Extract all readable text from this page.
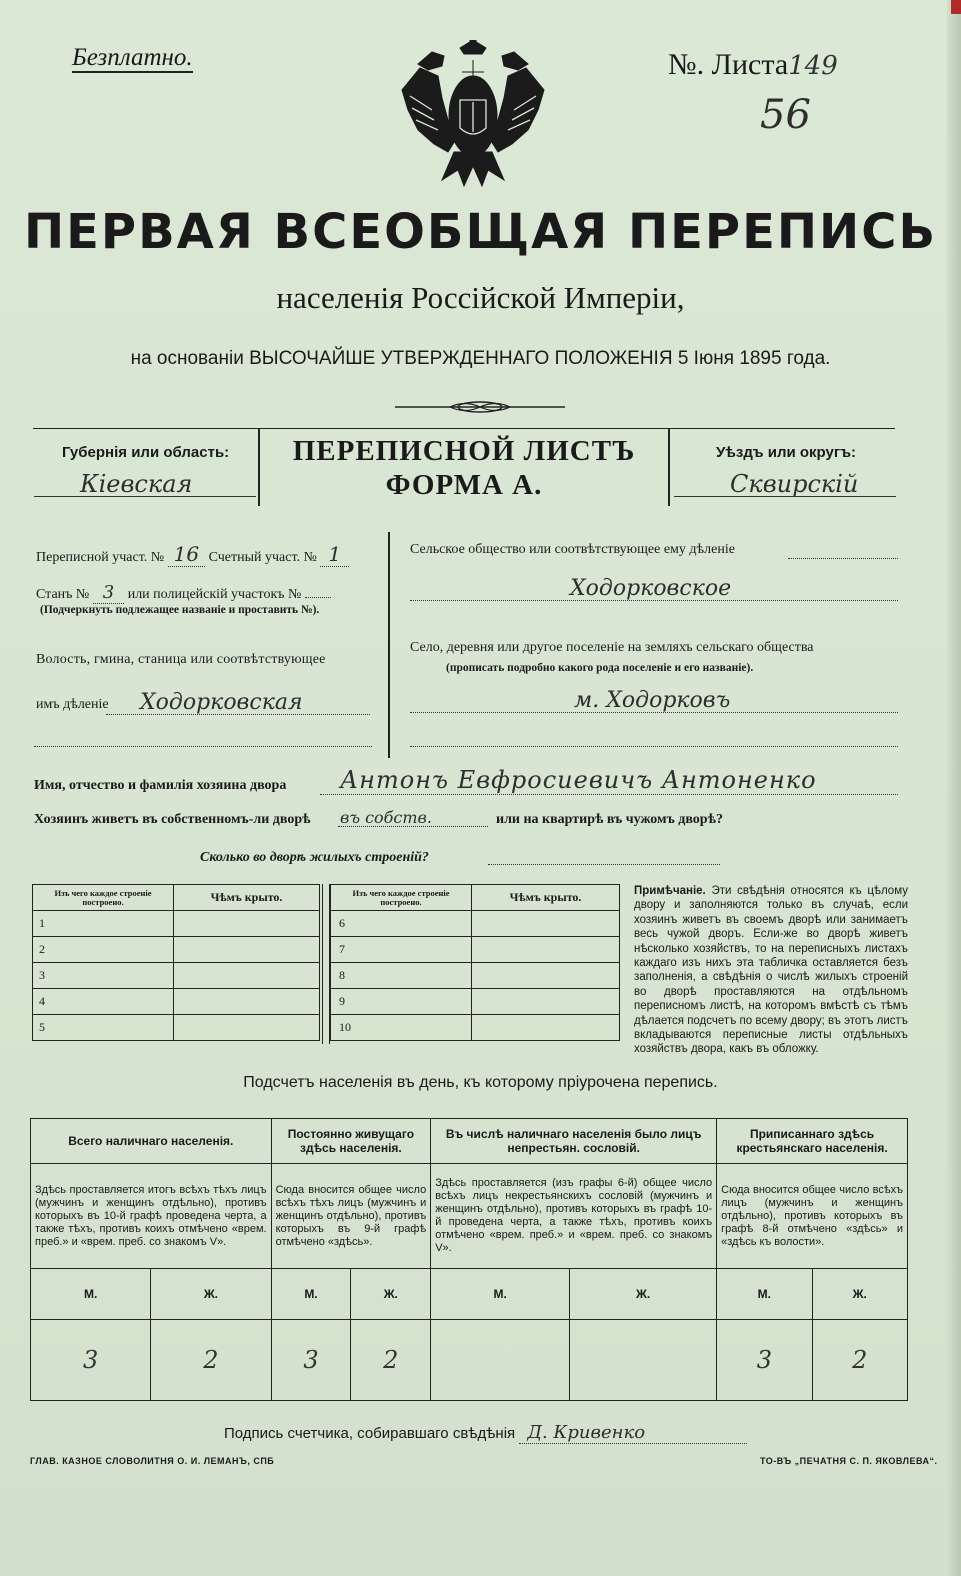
Безплатно.	№. Листа149
56
ПЕРВАЯ ВСЕОБЩАЯ ПЕРЕПИСЬ
населенія Россійской Имперіи,
на основаніи ВЫСОЧАЙШЕ УТВЕРЖДЕННАГО ПОЛОЖЕНІЯ 5 Іюня 1895 года.
Губернія или область:
Кіевская
ПЕРЕПИСНОЙ ЛИСТЪ
ФОРМА А.
Уѣздъ или округъ:
Сквирскій
Переписной участ. № 16 Счетный участ. № 1
Станъ № 3 или полицейскій участокъ №
(Подчеркнуть подлежащее названіе и проставить №).
Волость, гмина, станица или соотвѣтствующее
имъ дѣленіе Ходорковская
Сельское общество или соотвѣтствующее ему дѣленіе
Ходорковское
Село, деревня или другое поселеніе на земляхъ сельскаго общества
(прописать подробно какого рода поселеніе и его названіе).
м. Ходорковъ
Имя, отчество и фамилія хозяина двора Антонъ Евфросиевичъ Антоненко
Хозяинъ живетъ въ собственномъ-ли дворѣ въ собств.	или на квартирѣ въ чужомъ дворѣ?
Сколько во дворѣ жилыхъ строеній?
Изъ чего каждое строеніе построено.	Чѣмъ крыто.
1	
2	
3	
4	
5	
Изъ чего каждое строеніе построено.	Чѣмъ крыто.
6	
7	
8	
9	
10	
Примѣчаніе. Эти свѣдѣнія относятся къ цѣлому двору и заполняются только въ случаѣ, если хозяинъ живетъ въ своемъ дворѣ или занимаетъ весь чужой дворъ. Если-же во дворѣ живетъ нѣсколько хозяйствъ, то на переписныхъ листахъ каждаго изъ нихъ эта табличка оставляется безъ заполненія, а свѣдѣнія о числѣ жилыхъ строеній во дворѣ проставляются на отдѣльномъ переписномъ листѣ, на которомъ вмѣстѣ съ тѣмъ дѣлается подсчетъ по всему двору; въ этотъ листъ вкладываются переписные листы отдѣльныхъ хозяйствъ двора, какъ въ обложку.
Подсчетъ населенія въ день, къ которому пріурочена перепись.
Всего наличнаго населенія.		Постоянно живущаго здѣсь населенія.		Въ числѣ наличнаго населенія было лицъ непрестьян. сословій.		Приписаннаго здѣсь крестьянскаго населенія.	
Здѣсь проставляется итогъ всѣхъ тѣхъ лицъ (мужчинъ и женщинъ отдѣльно), противъ которыхъ въ 10-й графѣ проведена черта, а также тѣхъ, противъ коихъ отмѣчено «врем. преб.» и «врем. преб. со знакомъ V».		Сюда вносится общее число всѣхъ тѣхъ лицъ (мужчинъ и женщинъ отдѣльно), противъ которыхъ въ 9-й графѣ отмѣчено «здѣсь».		Здѣсь проставляется (изъ графы 6-й) общее число всѣхъ лицъ некрестьянскихъ сословій (мужчинъ и женщинъ отдѣльно), противъ которыхъ въ графѣ 10-й проведена черта, а также тѣхъ, противъ коихъ отмѣчено «врем. преб.» и «врем. преб. со знакомъ V».		Сюда вносится общее число всѣхъ лицъ (мужчинъ и женщинъ отдѣльно), противъ которыхъ въ графѣ 8-й отмѣчено «здѣсь» и «здѣсь къ волости».	
М.	Ж.	М.	Ж.	М.	Ж.	М.	Ж.
3	2	3	2			3	2
Подпись счетчика, собиравшаго свѣдѣнія Д. Кривенко
ГЛАВ. КАЗНОЕ СЛОВОЛИТНЯ О. И. ЛЕМАНЪ, СПБ	ТО-ВЪ „ПЕЧАТНЯ С. П. ЯКОВЛЕВА“.
